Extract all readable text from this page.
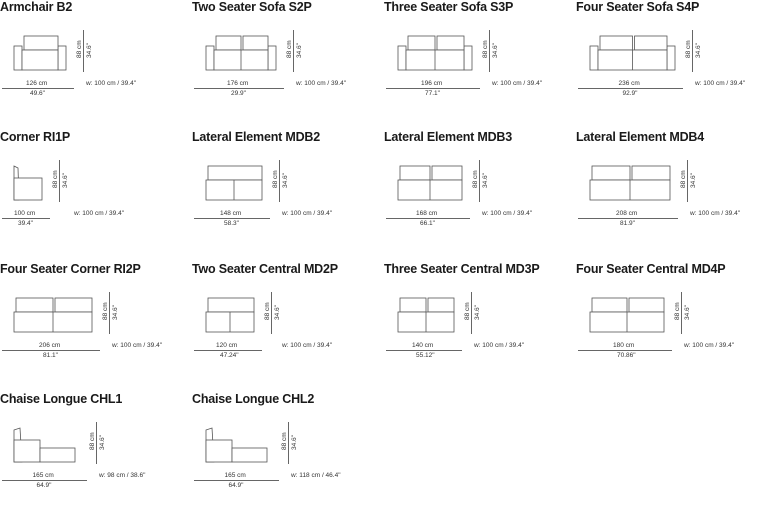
Armchair B2
126 cm
49.6"
88 cm 34.6"
w: 100 cm / 39.4"
Two Seater Sofa S2P
176 cm
29.9"
88 cm 34.6"
w: 100 cm / 39.4"
Three Seater Sofa S3P
196 cm
77.1"
88 cm 34.6"
w: 100 cm / 39.4"
Four Seater Sofa S4P
236 cm
92.9"
88 cm 34.6"
w: 100 cm / 39.4"
Corner RI1P
100 cm
39.4"
88 cm 34.6"
w: 100 cm / 39.4"
Lateral Element MDB2
148 cm
58.3"
88 cm 34.6"
w: 100 cm / 39.4"
Lateral Element MDB3
168 cm
66.1"
88 cm 34.6"
w: 100 cm / 39.4"
Lateral Element MDB4
208 cm
81.9"
88 cm 34.6"
w: 100 cm / 39.4"
Four Seater Corner RI2P
206 cm
81.1"
88 cm 34.6"
w: 100 cm / 39.4"
Two Seater Central MD2P
120 cm
47.24"
88 cm 34.6"
w: 100 cm / 39.4"
Three Seater Central MD3P
140 cm
55.12"
88 cm 34.6"
w: 100 cm / 39.4"
Four Seater Central MD4P
180 cm
70.86"
88 cm 34.6"
w: 100 cm / 39.4"
Chaise Longue CHL1
165 cm
64.9"
88 cm 34.6"
w: 98 cm / 38.6"
Chaise Longue CHL2
165 cm
64.9"
88 cm 34.6"
w: 118 cm / 46.4"
